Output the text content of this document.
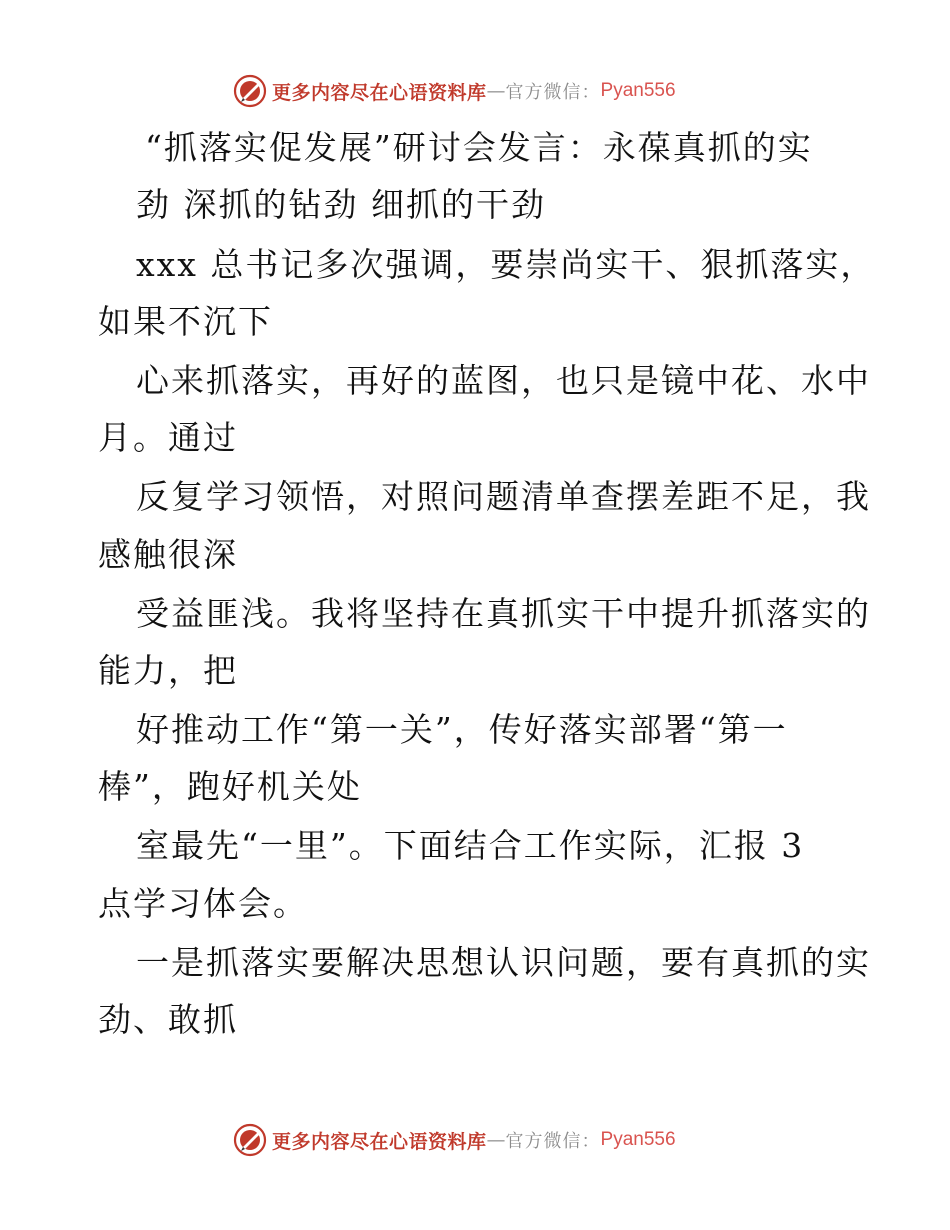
更多内容尽在心语资料库 — 官方微信： Pyan556
“抓落实促发展”研讨会发言：永葆真抓的实
劲 深抓的钻劲 细抓的干劲
xxx 总书记多次强调，要崇尚实干、狠抓落实，
如果不沉下
心来抓落实，再好的蓝图，也只是镜中花、水中
月。通过
反复学习领悟，对照问题清单查摆差距不足，我
感触很深
受益匪浅。我将坚持在真抓实干中提升抓落实的
能力，把
好推动工作“第一关”，传好落实部署“第一
棒”，跑好机关处
室最先“一里”。下面结合工作实际，汇报 3
点学习体会。
一是抓落实要解决思想认识问题，要有真抓的实
劲、敢抓
更多内容尽在心语资料库 — 官方微信： Pyan556
